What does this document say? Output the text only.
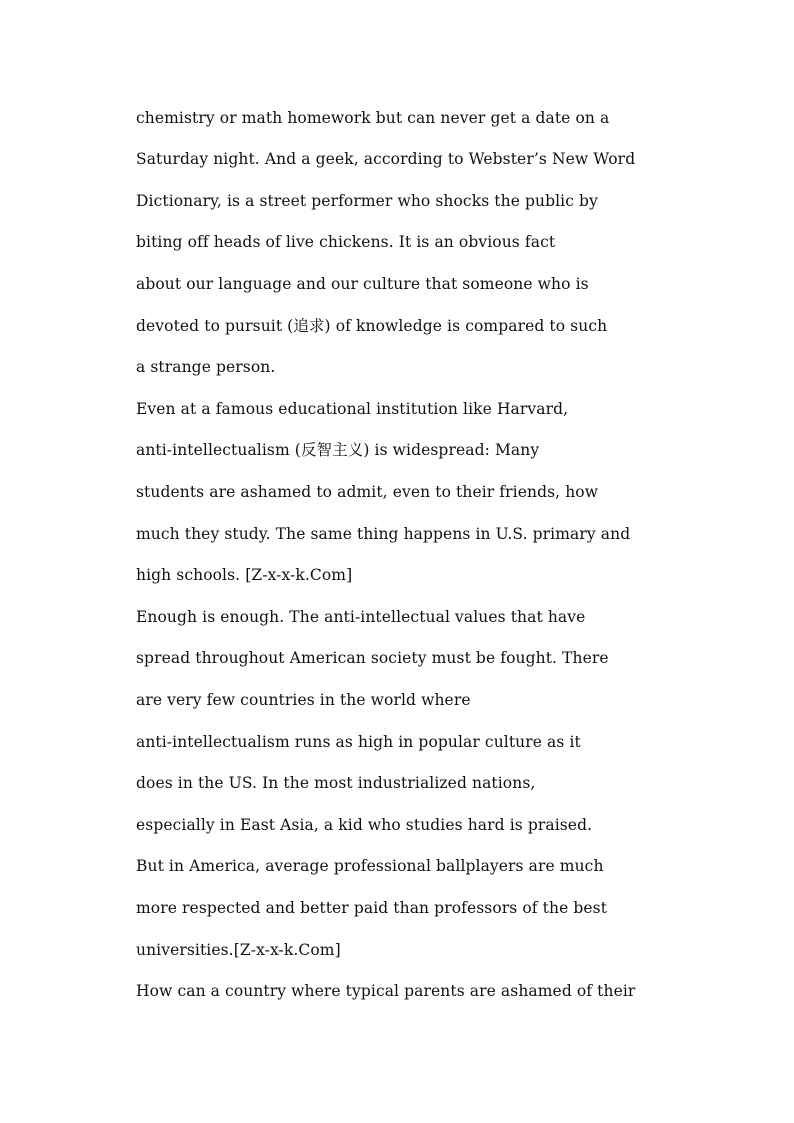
chemistry or math homework but can never get a date on a
Saturday night. And a geek, according to Webster’s New Word
Dictionary, is a street performer who shocks the public by
biting off heads of live chickens. It is an obvious fact
about our language and our culture that someone who is
devoted to pursuit (追求) of knowledge is compared to such
a strange person.
Even at a famous educational institution like Harvard,
anti-intellectualism (反智主义) is widespread: Many
students are ashamed to admit, even to their friends, how
much they study. The same thing happens in U.S. primary and
high schools. [Z-x-x-k.Com]
Enough is enough. The anti-intellectual values that have
spread throughout American society must be fought. There
are very few countries in the world where
anti-intellectualism runs as high in popular culture as it
does in the US. In the most industrialized nations,
especially in East Asia, a kid who studies hard is praised.
But in America, average professional ballplayers are much
more respected and better paid than professors of the best
universities.[Z-x-x-k.Com]
How can a country where typical parents are ashamed of their
